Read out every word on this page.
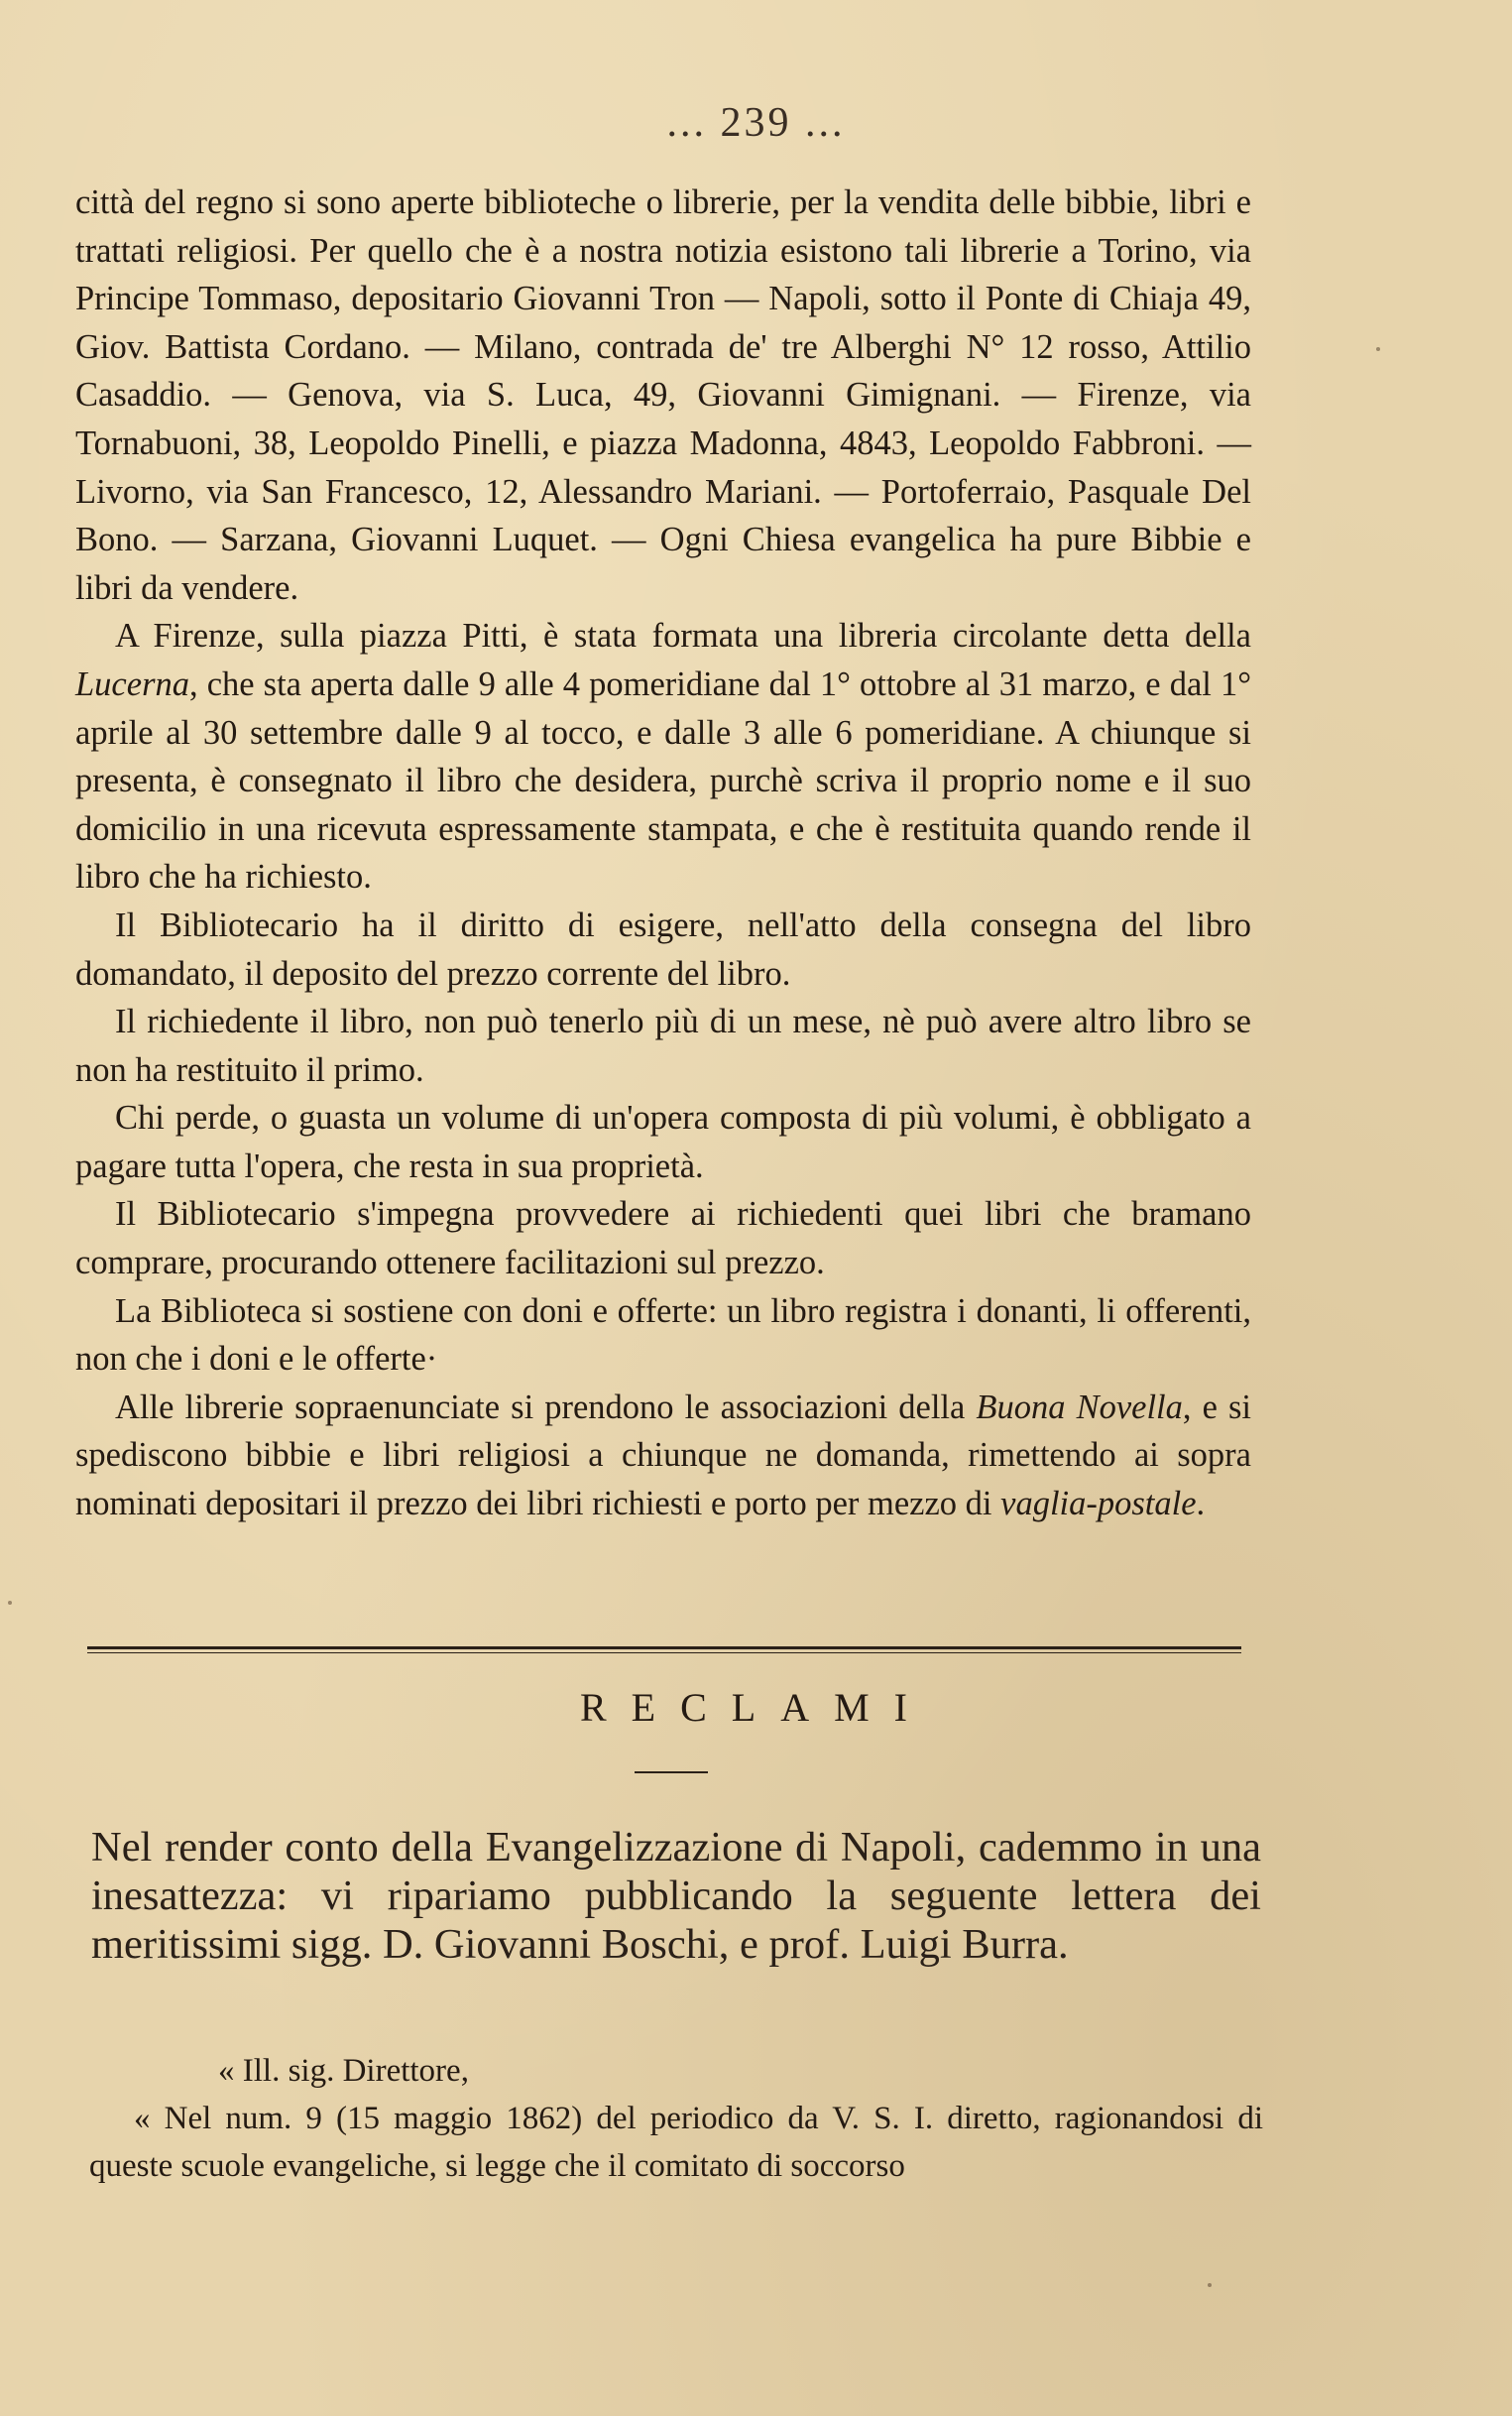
... 239 ...

città del regno si sono aperte biblioteche o librerie, per la vendita delle bibbie, libri e trattati religiosi. Per quello che è a nostra notizia esistono tali librerie a Torino, via Principe Tommaso, depositario Giovanni Tron — Napoli, sotto il Ponte di Chiaja 49, Giov. Battista Cordano. — Milano, contrada de' tre Alberghi N° 12 rosso, Attilio Casaddio. — Genova, via S. Luca, 49, Giovanni Gimignani. — Firenze, via Tornabuoni, 38, Leopoldo Pinelli, e piazza Madonna, 4843, Leopoldo Fabbroni. — Livorno, via San Francesco, 12, Alessandro Mariani. — Portoferraio, Pasquale Del Bono. — Sarzana, Giovanni Luquet. — Ogni Chiesa evangelica ha pure Bibbie e libri da vendere.

A Firenze, sulla piazza Pitti, è stata formata una libreria circolante detta della Lucerna, che sta aperta dalle 9 alle 4 pomeridiane dal 1° ottobre al 31 marzo, e dal 1° aprile al 30 settembre dalle 9 al tocco, e dalle 3 alle 6 pomeridiane. A chiunque si presenta, è consegnato il libro che desidera, purchè scriva il proprio nome e il suo domicilio in una ricevuta espressamente stampata, e che è restituita quando rende il libro che ha richiesto.

Il Bibliotecario ha il diritto di esigere, nell'atto della consegna del libro domandato, il deposito del prezzo corrente del libro.

Il richiedente il libro, non può tenerlo più di un mese, nè può avere altro libro se non ha restituito il primo.

Chi perde, o guasta un volume di un'opera composta di più volumi, è obbligato a pagare tutta l'opera, che resta in sua proprietà.

Il Bibliotecario s'impegna provvedere ai richiedenti quei libri che bramano comprare, procurando ottenere facilitazioni sul prezzo.

La Biblioteca si sostiene con doni e offerte: un libro registra i donanti, li offerenti, non che i doni e le offerte·

Alle librerie sopraenunciate si prendono le associazioni della Buona Novella, e si spediscono bibbie e libri religiosi a chiunque ne domanda, rimettendo ai sopra nominati depositari il prezzo dei libri richiesti e porto per mezzo di vaglia-postale.

RECLAMI

Nel render conto della Evangelizzazione di Napoli, cademmo in una inesattezza: vi ripariamo pubblicando la seguente lettera dei meritissimi sigg. D. Giovanni Boschi, e prof. Luigi Burra.

« Ill. sig. Direttore,

« Nel num. 9 (15 maggio 1862) del periodico da V. S. I. diretto, ragionandosi di queste scuole evangeliche, si legge che il comitato di soccorso
